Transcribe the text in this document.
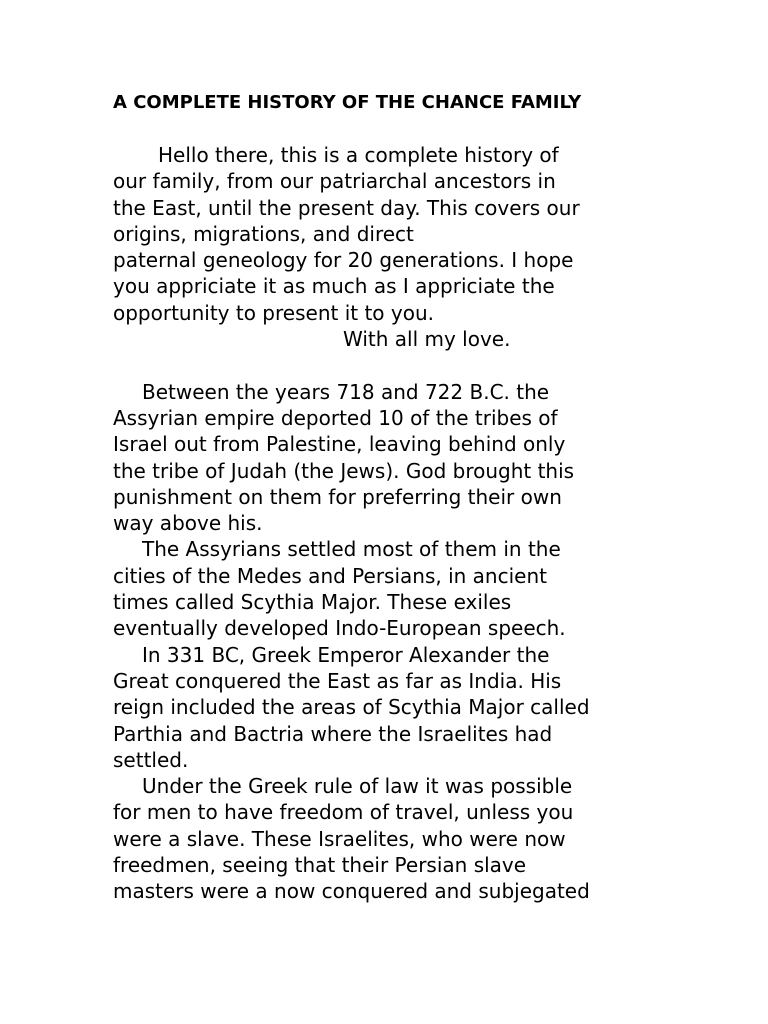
A COMPLETE HISTORY OF THE CHANCE FAMILY
Hello there, this is a complete history of
our family, from our patriarchal ancestors in
the East, until the present day. This covers our
origins, migrations, and direct
paternal geneology for 20 generations. I hope
you appriciate it as much as I appriciate the
opportunity to present it to you.
With all my love.
Between the years 718 and 722 B.C. the
Assyrian empire deported 10 of the tribes of
Israel out from Palestine, leaving behind only
the tribe of Judah (the Jews). God brought this
punishment on them for preferring their own
way above his.
The Assyrians settled most of them in the
cities of the Medes and Persians, in ancient
times called Scythia Major. These exiles
eventually developed Indo-European speech.
In 331 BC, Greek Emperor Alexander the
Great conquered the East as far as India. His
reign included the areas of Scythia Major called
Parthia and Bactria where the Israelites had
settled.
Under the Greek rule of law it was possible
for men to have freedom of travel, unless you
were a slave. These Israelites, who were now
freedmen, seeing that their Persian slave
masters were a now conquered and subjegated
